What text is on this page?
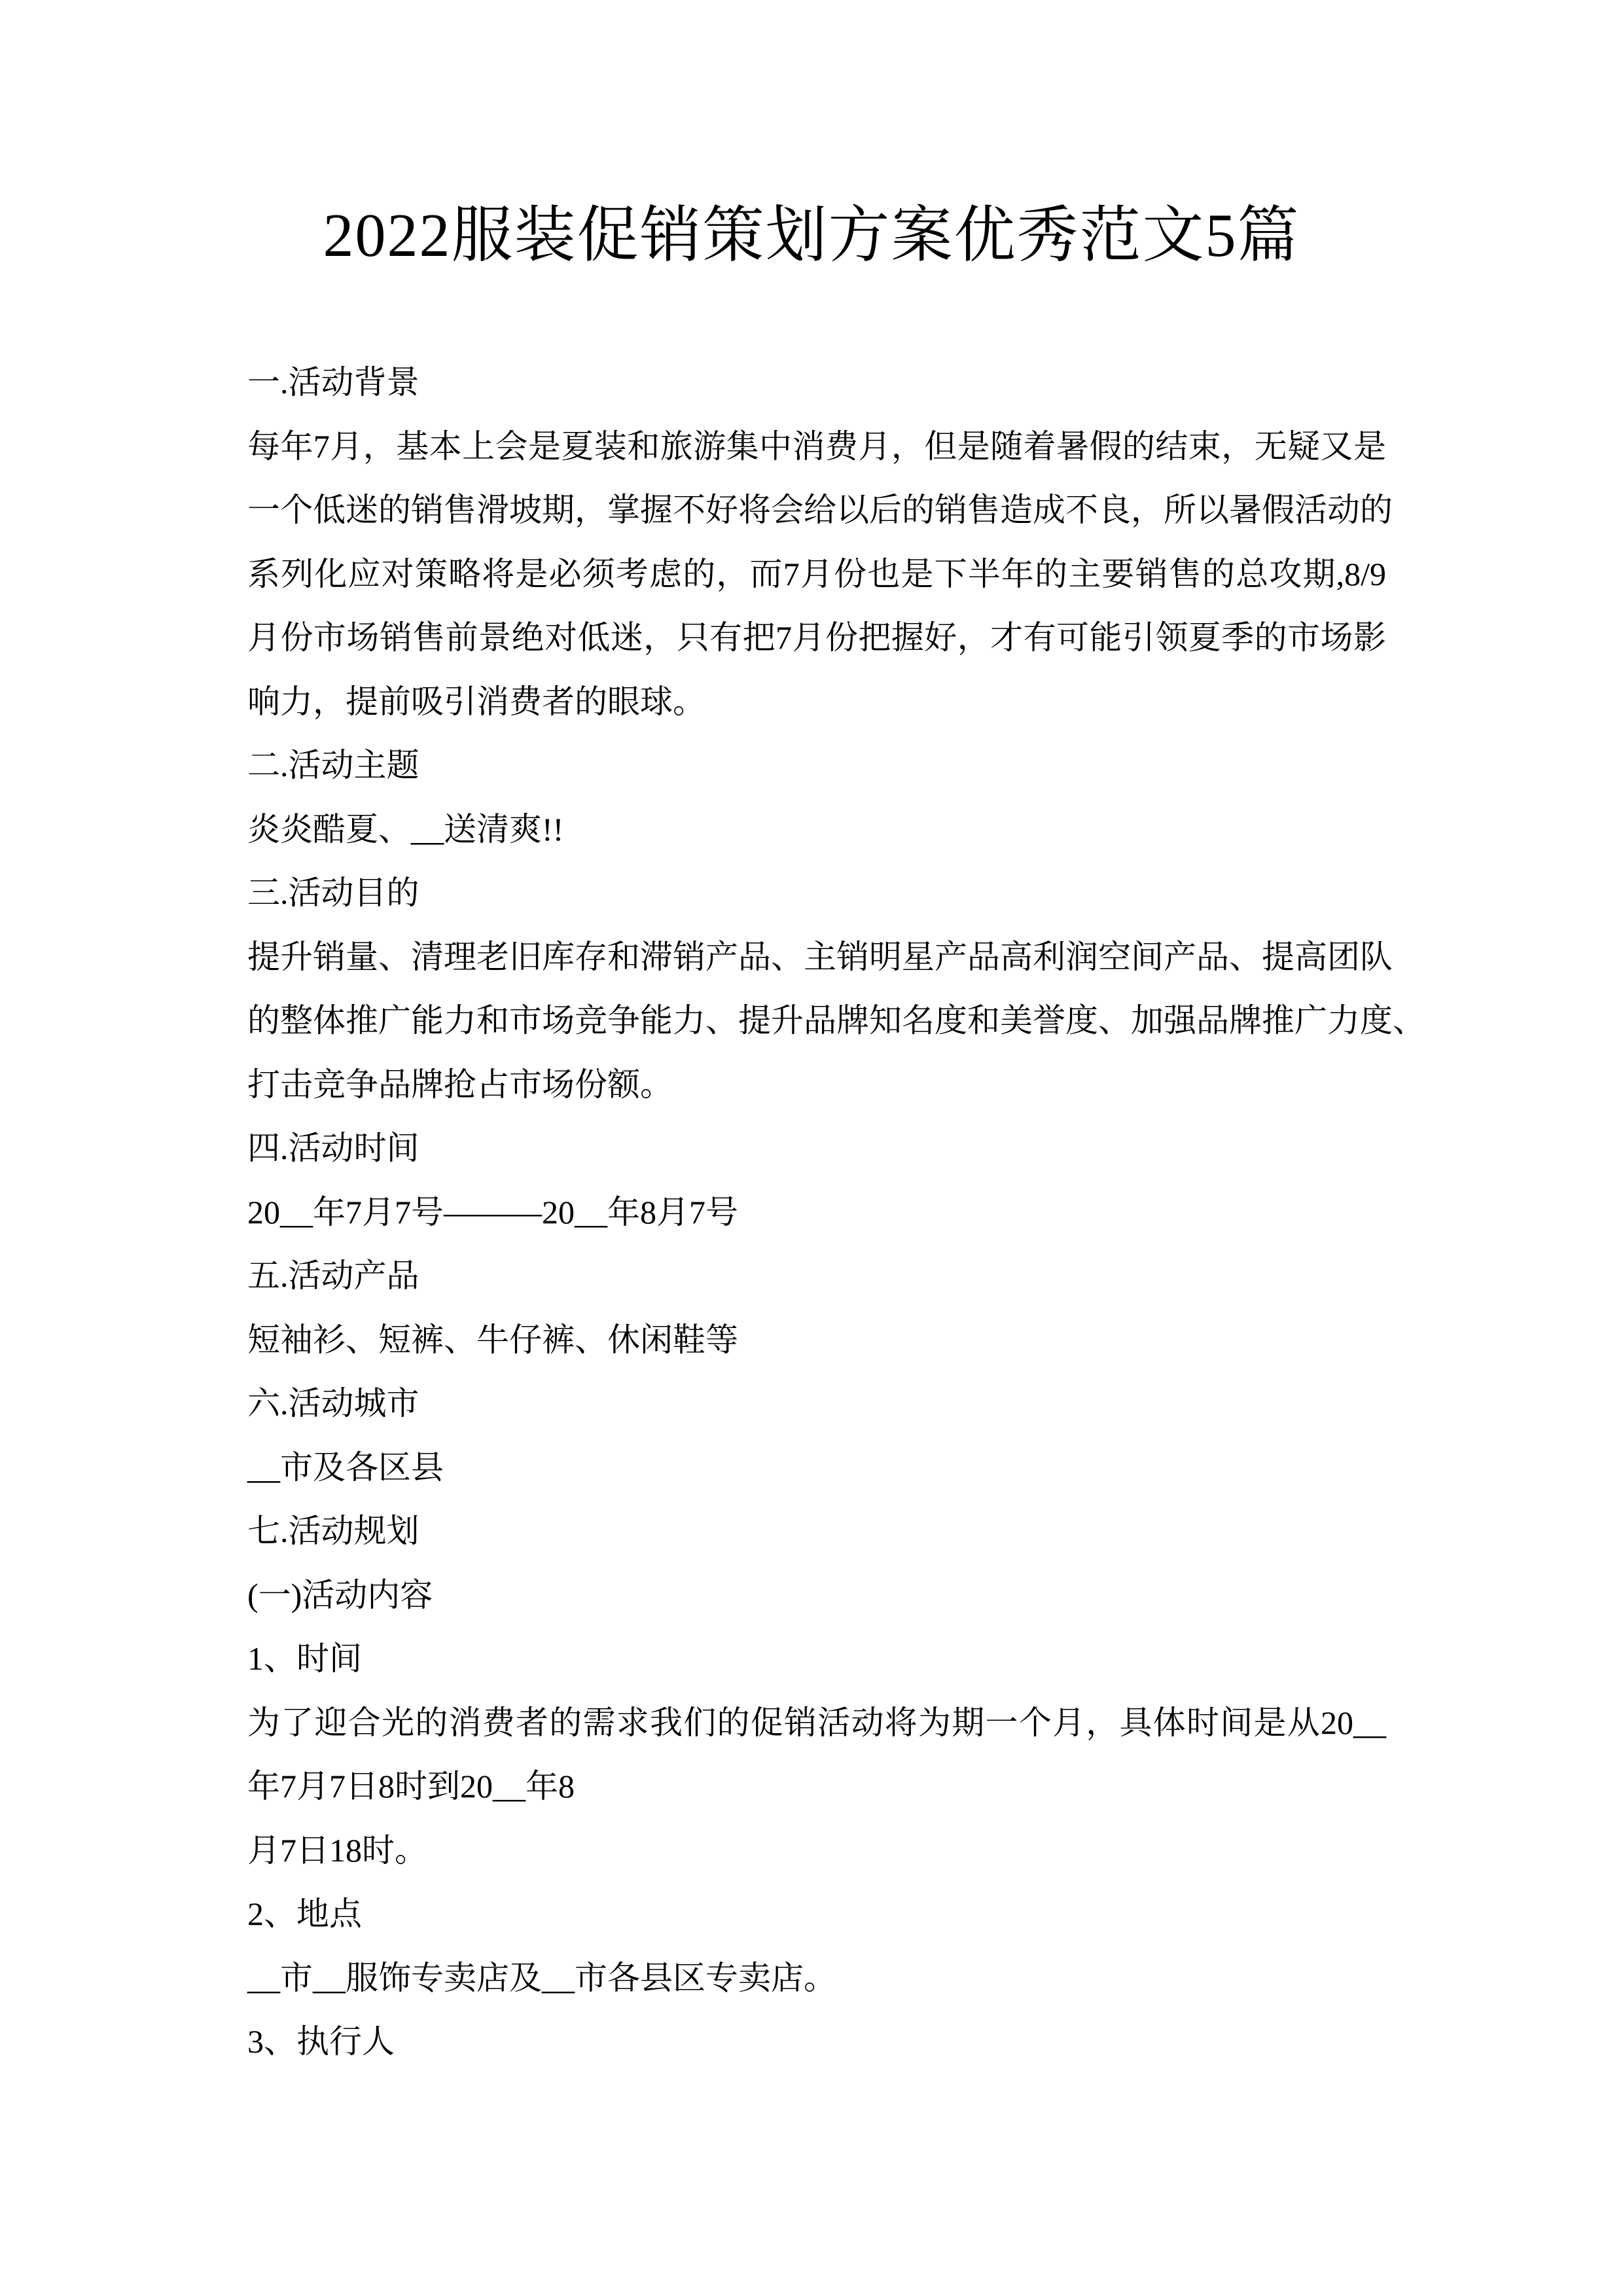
2022服装促销策划方案优秀范文5篇
一.活动背景
每年7月，基本上会是夏装和旅游集中消费月，但是随着暑假的结束，无疑又是
一个低迷的销售滑坡期，掌握不好将会给以后的销售造成不良，所以暑假活动的
系列化应对策略将是必须考虑的，而7月份也是下半年的主要销售的总攻期,8/9
月份市场销售前景绝对低迷，只有把7月份把握好，才有可能引领夏季的市场影
响力，提前吸引消费者的眼球。
二.活动主题
炎炎酷夏、__送清爽!!
三.活动目的
提升销量、清理老旧库存和滞销产品、主销明星产品高利润空间产品、提高团队
的整体推广能力和市场竞争能力、提升品牌知名度和美誉度、加强品牌推广力度、
打击竞争品牌抢占市场份额。
四.活动时间
20__年7月7号———20__年8月7号
五.活动产品
短袖衫、短裤、牛仔裤、休闲鞋等
六.活动城市
__市及各区县
七.活动规划
(一)活动内容
1、时间
为了迎合光的消费者的需求我们的促销活动将为期一个月，具体时间是从20__
年7月7日8时到20__年8
月7日18时。
2、地点
__市__服饰专卖店及__市各县区专卖店。
3、执行人
